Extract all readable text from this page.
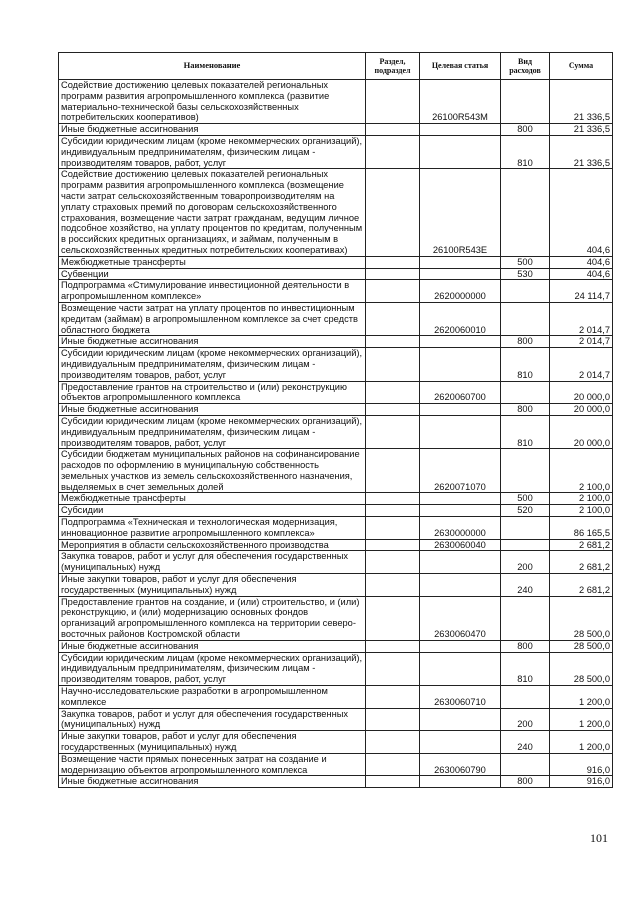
Наименование	Раздел, подраздел	Целевая статья	Вид расходов	Сумма
Содействие достижению целевых показателей региональных программ развития агропромышленного комплекса (развитие материально-технической базы сельскохозяйственных потребительских кооперативов)		26100R543M		21 336,5
Иные бюджетные ассигнования			800	21 336,5
Субсидии юридическим лицам (кроме некоммерческих организаций), индивидуальным предпринимателям, физическим лицам - производителям товаров, работ, услуг			810	21 336,5
Содействие достижению целевых показателей региональных программ развития агропромышленного комплекса (возмещение части затрат сельскохозяйственным товаропроизводителям на уплату страховых премий по договорам сельскохозяйственного страхования, возмещение части затрат гражданам, ведущим личное подсобное хозяйство, на уплату процентов по кредитам, полученным в российских кредитных организациях, и займам, полученным в сельскохозяйственных кредитных потребительских кооперативах)		26100R543E		404,6
Межбюджетные трансферты			500	404,6
Субвенции			530	404,6
Подпрограмма «Стимулирование инвестиционной деятельности в агропромышленном комплексе»		2620000000		24 114,7
Возмещение части затрат на уплату процентов по инвестиционным кредитам (займам) в агропромышленном комплексе за счет средств областного бюджета		2620060010		2 014,7
Иные бюджетные ассигнования			800	2 014,7
Субсидии юридическим лицам (кроме некоммерческих организаций), индивидуальным предпринимателям, физическим лицам - производителям товаров, работ, услуг			810	2 014,7
Предоставление грантов на строительство и (или) реконструкцию объектов агропромышленного комплекса		2620060700		20 000,0
Иные бюджетные ассигнования			800	20 000,0
Субсидии юридическим лицам (кроме некоммерческих организаций), индивидуальным предпринимателям, физическим лицам - производителям товаров, работ, услуг			810	20 000,0
Субсидии бюджетам муниципальных районов на софинансирование расходов по оформлению в муниципальную собственность земельных участков из земель сельскохозяйственного назначения, выделяемых в счет земельных долей		2620071070		2 100,0
Межбюджетные трансферты			500	2 100,0
Субсидии			520	2 100,0
Подпрограмма «Техническая и технологическая модернизация, инновационное развитие агропромышленного комплекса»		2630000000		86 165,5
Мероприятия в области сельскохозяйственного производства		2630060040		2 681,2
Закупка товаров, работ и услуг для обеспечения государственных (муниципальных) нужд			200	2 681,2
Иные закупки товаров, работ и услуг для обеспечения государственных (муниципальных) нужд			240	2 681,2
Предоставление грантов на создание, и (или) строительство, и (или) реконструкцию, и (или) модернизацию основных фондов организаций агропромышленного комплекса на территории северо-восточных районов Костромской области		2630060470		28 500,0
Иные бюджетные ассигнования			800	28 500,0
Субсидии юридическим лицам (кроме некоммерческих организаций), индивидуальным предпринимателям, физическим лицам - производителям товаров, работ, услуг			810	28 500,0
Научно-исследовательские разработки в агропромышленном комплексе		2630060710		1 200,0
Закупка товаров, работ и услуг для обеспечения государственных (муниципальных) нужд			200	1 200,0
Иные закупки товаров, работ и услуг для обеспечения государственных (муниципальных) нужд			240	1 200,0
Возмещение части прямых понесенных затрат на создание и модернизацию объектов агропромышленного комплекса		2630060790		916,0
Иные бюджетные ассигнования			800	916,0
101
